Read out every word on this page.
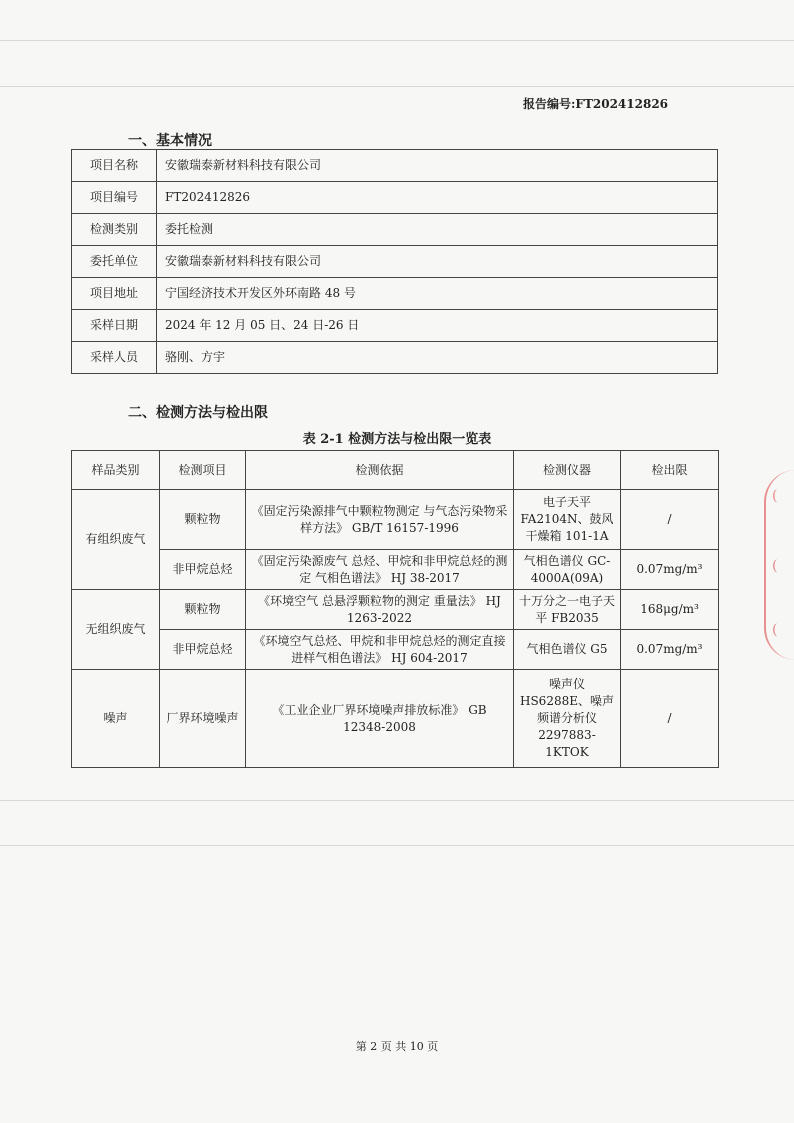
报告编号:FT202412826
一、基本情况
项目名称	安徽瑞泰新材料科技有限公司
项目编号	FT202412826
检测类别	委托检测
委托单位	安徽瑞泰新材料科技有限公司
项目地址	宁国经济技术开发区外环南路 48 号
采样日期	2024 年 12 月 05 日、24 日-26 日
采样人员	骆刚、方宇
二、检测方法与检出限
表 2-1 检测方法与检出限一览表
样品类别	检测项目	检测依据	检测仪器	检出限
有组织废气	颗粒物	《固定污染源排气中颗粒物测定 与气态污染物采样方法》 GB/T 16157-1996	电子天平 FA2104N、鼓风干燥箱 101-1A	/
	非甲烷总烃	《固定污染源废气 总烃、甲烷和非甲烷总烃的测定 气相色谱法》 HJ 38-2017	气相色谱仪 GC-4000A(09A)	0.07mg/m³
无组织废气	颗粒物	《环境空气 总悬浮颗粒物的测定 重量法》 HJ 1263-2022	十万分之一电子天平 FB2035	168μg/m³
	非甲烷总烃	《环境空气总烃、甲烷和非甲烷总烃的测定直接进样气相色谱法》 HJ 604-2017	气相色谱仪 G5	0.07mg/m³
噪声	厂界环境噪声	《工业企业厂界环境噪声排放标准》 GB 12348-2008	噪声仪 HS6288E、噪声频谱分析仪 2297883-1KTOK	/
(
(
(
第 2 页 共 10 页
